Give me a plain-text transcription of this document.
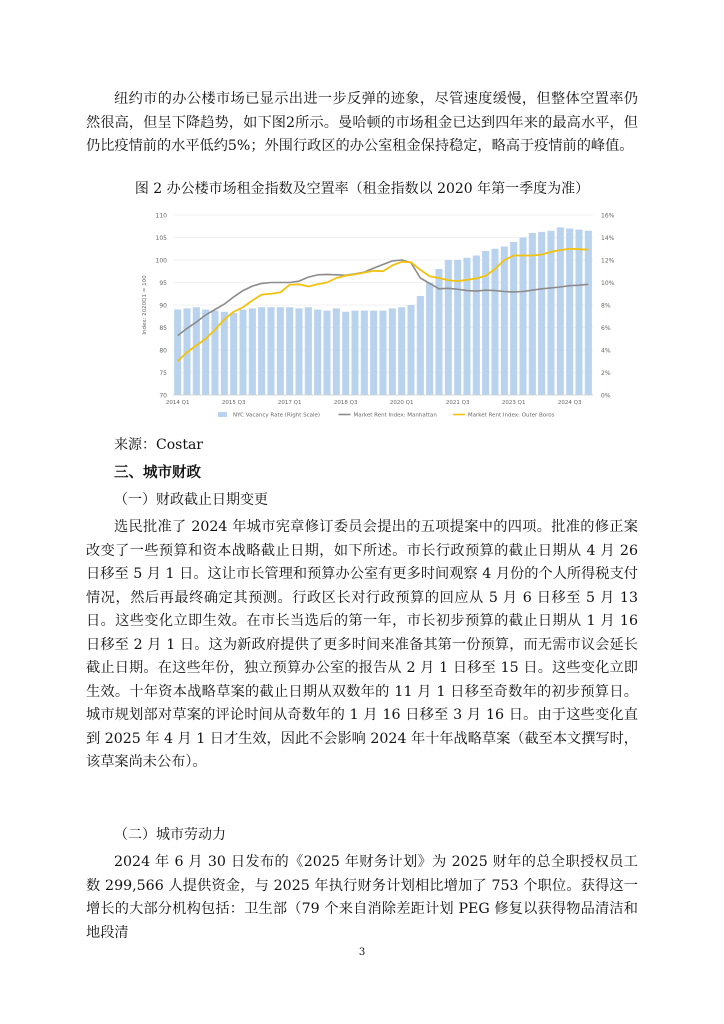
纽约市的办公楼市场已显示出进一步反弹的迹象，尽管速度缓慢，但整体空置率仍然很高，但呈下降趋势，如下图2所示。曼哈顿的市场租金已达到四年来的最高水平，但仍比疫情前的水平低约5%；外围行政区的办公室租金保持稳定，略高于疫情前的峰值。

图 2 办公楼市场租金指数及空置率（租金指数以 2020 年第一季度为准）
110
105
100
95
90
85
80
75
70
16%
14%
12%
10%
8%
6%
4%
2%
0%
Index: 2020Q1 = 100
2014 Q1	2015 Q3	2017 Q1	2018 Q3	2020 Q1	2021 Q3	2023 Q1	2024 Q3
NYC Vacancy Rate (Right Scale)	Market Rent Index: Manhattan	Market Rent Index: Outer Boros
来源：Costar
三、城市财政
（一）财政截止日期变更

选民批准了 2024 年城市宪章修订委员会提出的五项提案中的四项。批准的修正案改变了一些预算和资本战略截止日期，如下所述。市长行政预算的截止日期从 4 月 26 日移至 5 月 1 日。这让市长管理和预算办公室有更多时间观察 4 月份的个人所得税支付情况，然后再最终确定其预测。行政区长对行政预算的回应从 5 月 6 日移至 5 月 13 日。这些变化立即生效。在市长当选后的第一年，市长初步预算的截止日期从 1 月 16 日移至 2 月 1 日。这为新政府提供了更多时间来准备其第一份预算，而无需市议会延长截止日期。在这些年份，独立预算办公室的报告从 2 月 1 日移至 15 日。这些变化立即生效。十年资本战略草案的截止日期从双数年的 11 月 1 日移至奇数年的初步预算日。城市规划部对草案的评论时间从奇数年的 1 月 16 日移至 3 月 16 日。由于这些变化直到 2025 年 4 月 1 日才生效，因此不会影响 2024 年十年战略草案（截至本文撰写时，该草案尚未公布）。

（二）城市劳动力

2024 年 6 月 30 日发布的《2025 年财务计划》为 2025 财年的总全职授权员工数 299,566 人提供资金，与 2025 年执行财务计划相比增加了 753 个职位。获得这一增长的大部分机构包括：卫生部（79 个来自消除差距计划 PEG 修复以获得物品清洁和地段清

3
